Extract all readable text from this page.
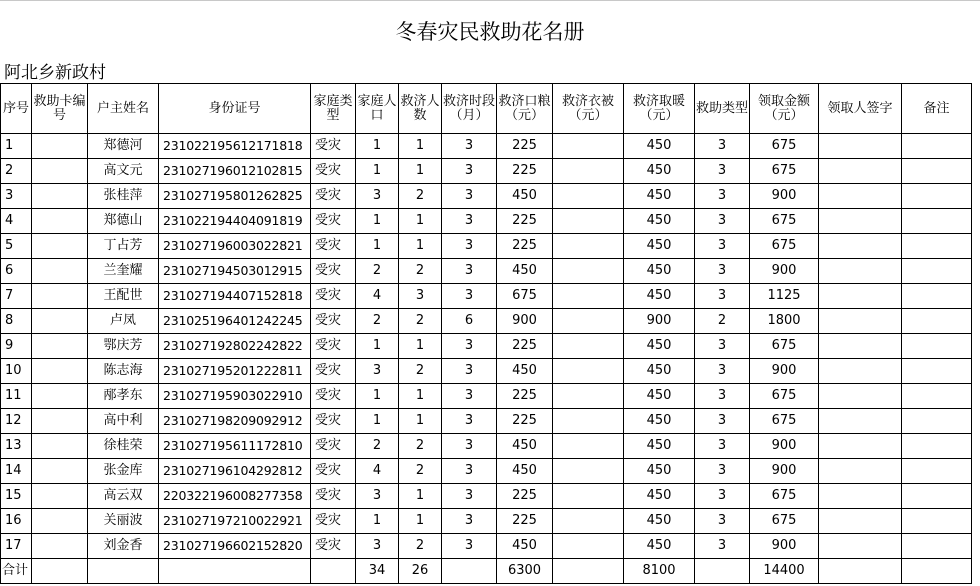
冬春灾民救助花名册
阿北乡新政村
序号	救助卡编号	户主姓名	身份证号	家庭类型	家庭人口	救济人数	救济时段（月）	救济口粮（元）	救济衣被（元）	救济取暖（元）	救助类型	领取金额（元）	领取人签字	备注
1		郑德河	231022195612171818	受灾	1	1	3	225		450	3	675		
2		高文元	231027196012102815	受灾	1	1	3	225		450	3	675		
3		张桂萍	231027195801262825	受灾	3	2	3	450		450	3	900		
4		郑德山	231022194404091819	受灾	1	1	3	225		450	3	675		
5		丁占芳	231027196003022821	受灾	1	1	3	225		450	3	675		
6		兰奎耀	231027194503012915	受灾	2	2	3	450		450	3	900		
7		王配世	231027194407152818	受灾	4	3	3	675		450	3	1125		
8		卢凤	231025196401242245	受灾	2	2	6	900		900	2	1800		
9		鄂庆芳	231027192802242822	受灾	1	1	3	225		450	3	675		
10		陈志海	231027195201222811	受灾	3	2	3	450		450	3	900		
11		邴孝东	231027195903022910	受灾	1	1	3	225		450	3	675		
12		高中利	231027198209092912	受灾	1	1	3	225		450	3	675		
13		徐桂荣	231027195611172810	受灾	2	2	3	450		450	3	900		
14		张金库	231027196104292812	受灾	4	2	3	450		450	3	900		
15		高云双	220322196008277358	受灾	3	1	3	225		450	3	675		
16		关丽波	231027197210022921	受灾	1	1	3	225		450	3	675		
17		刘金香	231027196602152820	受灾	3	2	3	450		450	3	900		
合计					34	26		6300		8100		14400		
